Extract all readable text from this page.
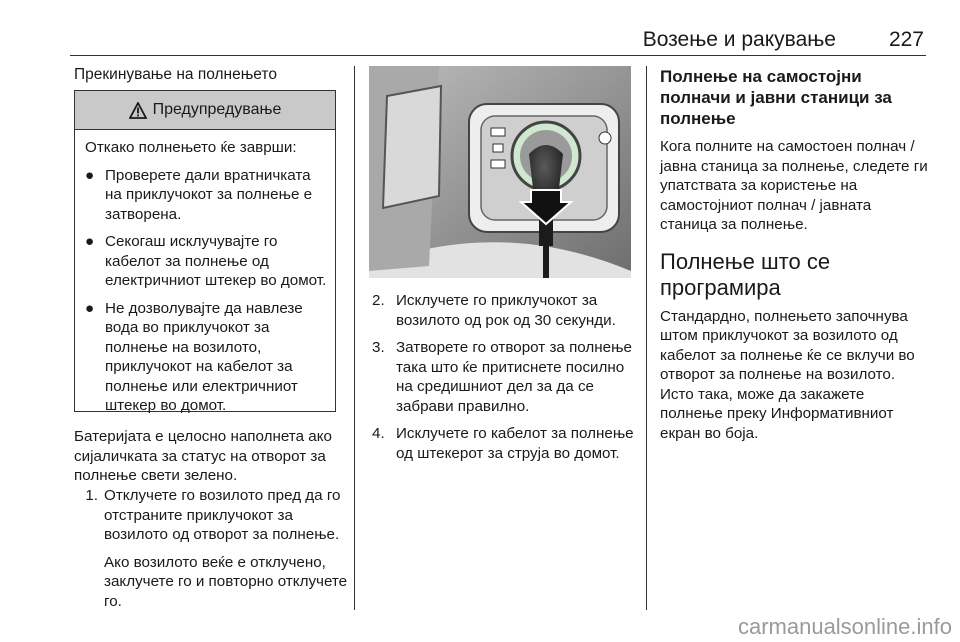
Возење и ракување	227
Прекинување на полнењето
Предупредување
Откако полнењето ќе заврши:
● Проверете дали вратничката на приклучокот за полнење е затворена.
● Секогаш исклучувајте го кабелот за полнење од електричниот штекер во домот.
● Не дозволувајте да навлезе вода во приклучокот за полнење на возилото, приклучокот на кабелот за полнење или електричниот штекер во домот.
Батеријата е целосно наполнета ако сијаличката за статус на отворот за полнење свети зелено.
1. Отклучете го возилото пред да го отстраните приклучокот за возилото од отворот за полнење.
Ако возилото веќе е отклучено, заклучете го и повторно отклучете го.
2. Исклучете го приклучокот за возилото од рок од 30 секунди.
3. Затворете го отворот за полнење така што ќе притиснете посилно на средишниот дел за да се забрави правилно.
4. Исклучете го кабелот за полнење од штекерот за струја во домот.
Полнење на самостојни полначи и јавни станици за полнење

Кога полните на самостоен полнач / јавна станица за полнење, следете ги упатствата за користење на самостојниот полнач / јавната станица за полнење.

Полнење што се програмира

Стандардно, полнењето започнува штом приклучокот за возилото од кабелот за полнење ќе се вклучи во отворот за полнење на возилото. Исто така, може да закажете полнење преку Информативниот екран во боја.

carmanualsonline.info
